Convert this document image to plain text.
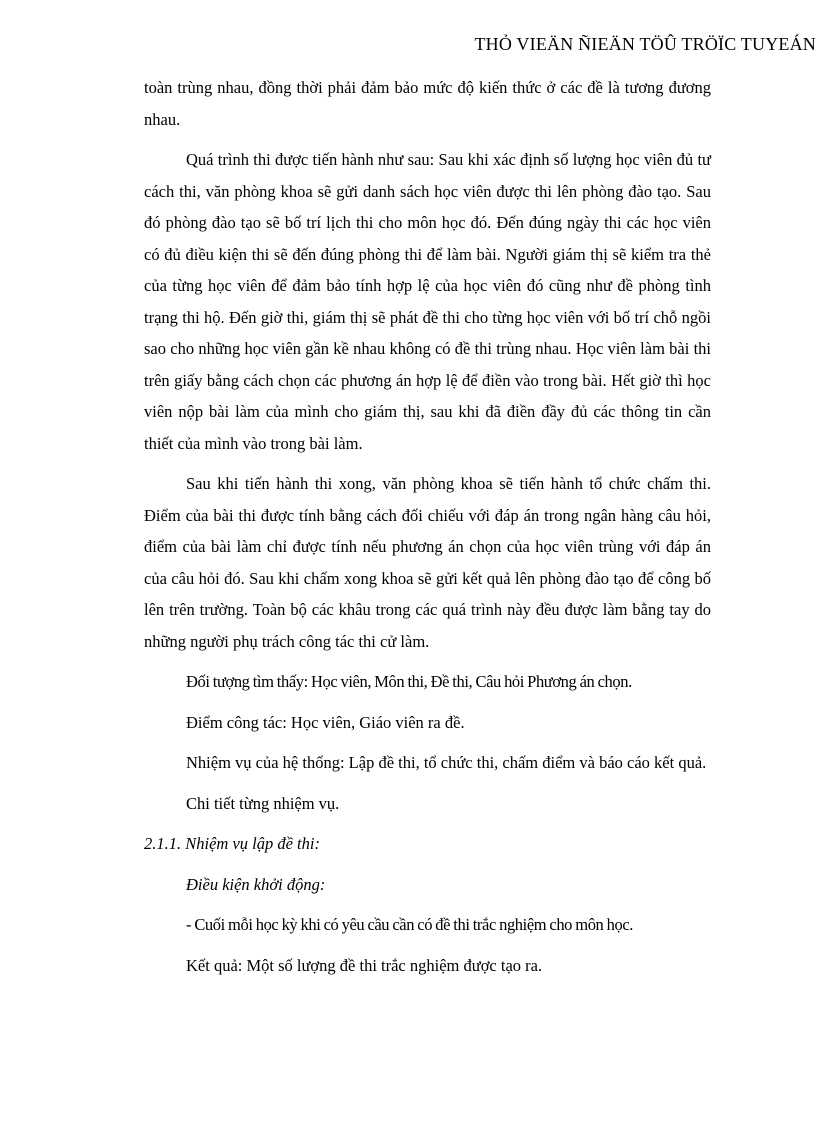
THỎ VIEÄN ÑIEÄN TÖÛ TRÖÏC TUYEÁN

toàn trùng nhau, đồng thời phải đảm bảo mức độ kiến thức ở các đề là tương đương nhau.

Quá trình thi được tiến hành như sau: Sau khi xác định số lượng học viên đủ tư cách thi, văn phòng khoa sẽ gửi danh sách học viên được thi lên phòng đào tạo. Sau đó phòng đào tạo sẽ bố trí lịch thi cho môn học đó. Đến đúng ngày thi các học viên có đủ điều kiện thi sẽ đến đúng phòng thi để làm bài. Người giám thị sẽ kiểm tra thẻ của từng học viên để đảm bảo tính hợp lệ của học viên đó cũng như đề phòng tình trạng thi hộ. Đến giờ thi, giám thị sẽ phát đề thi cho từng học viên với bố trí chỗ ngồi sao cho những học viên gần kề nhau không có đề thi trùng nhau. Học viên làm bài thi trên giấy bằng cách chọn các phương án hợp lệ để điền vào trong bài. Hết giờ thì học viên nộp bài làm của mình cho giám thị, sau khi đã điền đầy đủ các thông tin cần thiết của mình vào trong bài làm.

Sau khi tiến hành thi xong, văn phòng khoa sẽ tiến hành tổ chức chấm thi. Điểm của bài thi được tính bằng cách đối chiếu với đáp án trong ngân hàng câu hỏi, điểm của bài làm chỉ được tính nếu phương án chọn của học viên trùng với đáp án của câu hỏi đó. Sau khi chấm xong khoa sẽ gửi kết quả lên phòng đào tạo để công bố lên trên trường. Toàn bộ các khâu trong các quá trình này đều được làm bằng tay do những người phụ trách công tác thi cử làm.

Đối tượng tìm thấy: Học viên, Môn thi, Đề thi, Câu hỏi Phương án chọn.

Điểm công tác: Học viên, Giáo viên ra đề.

Nhiệm vụ của hệ thống: Lập đề thi, tổ chức thi, chấm điểm và báo cáo kết quả.

Chi tiết từng nhiệm vụ.

2.1.1. Nhiệm vụ lập đề thi:

Điều kiện khởi động:

- Cuối mỗi học kỳ khi có yêu cầu cần có đề thi trắc nghiệm cho môn học.

Kết quả: Một số lượng đề thi trắc nghiệm được tạo ra.
